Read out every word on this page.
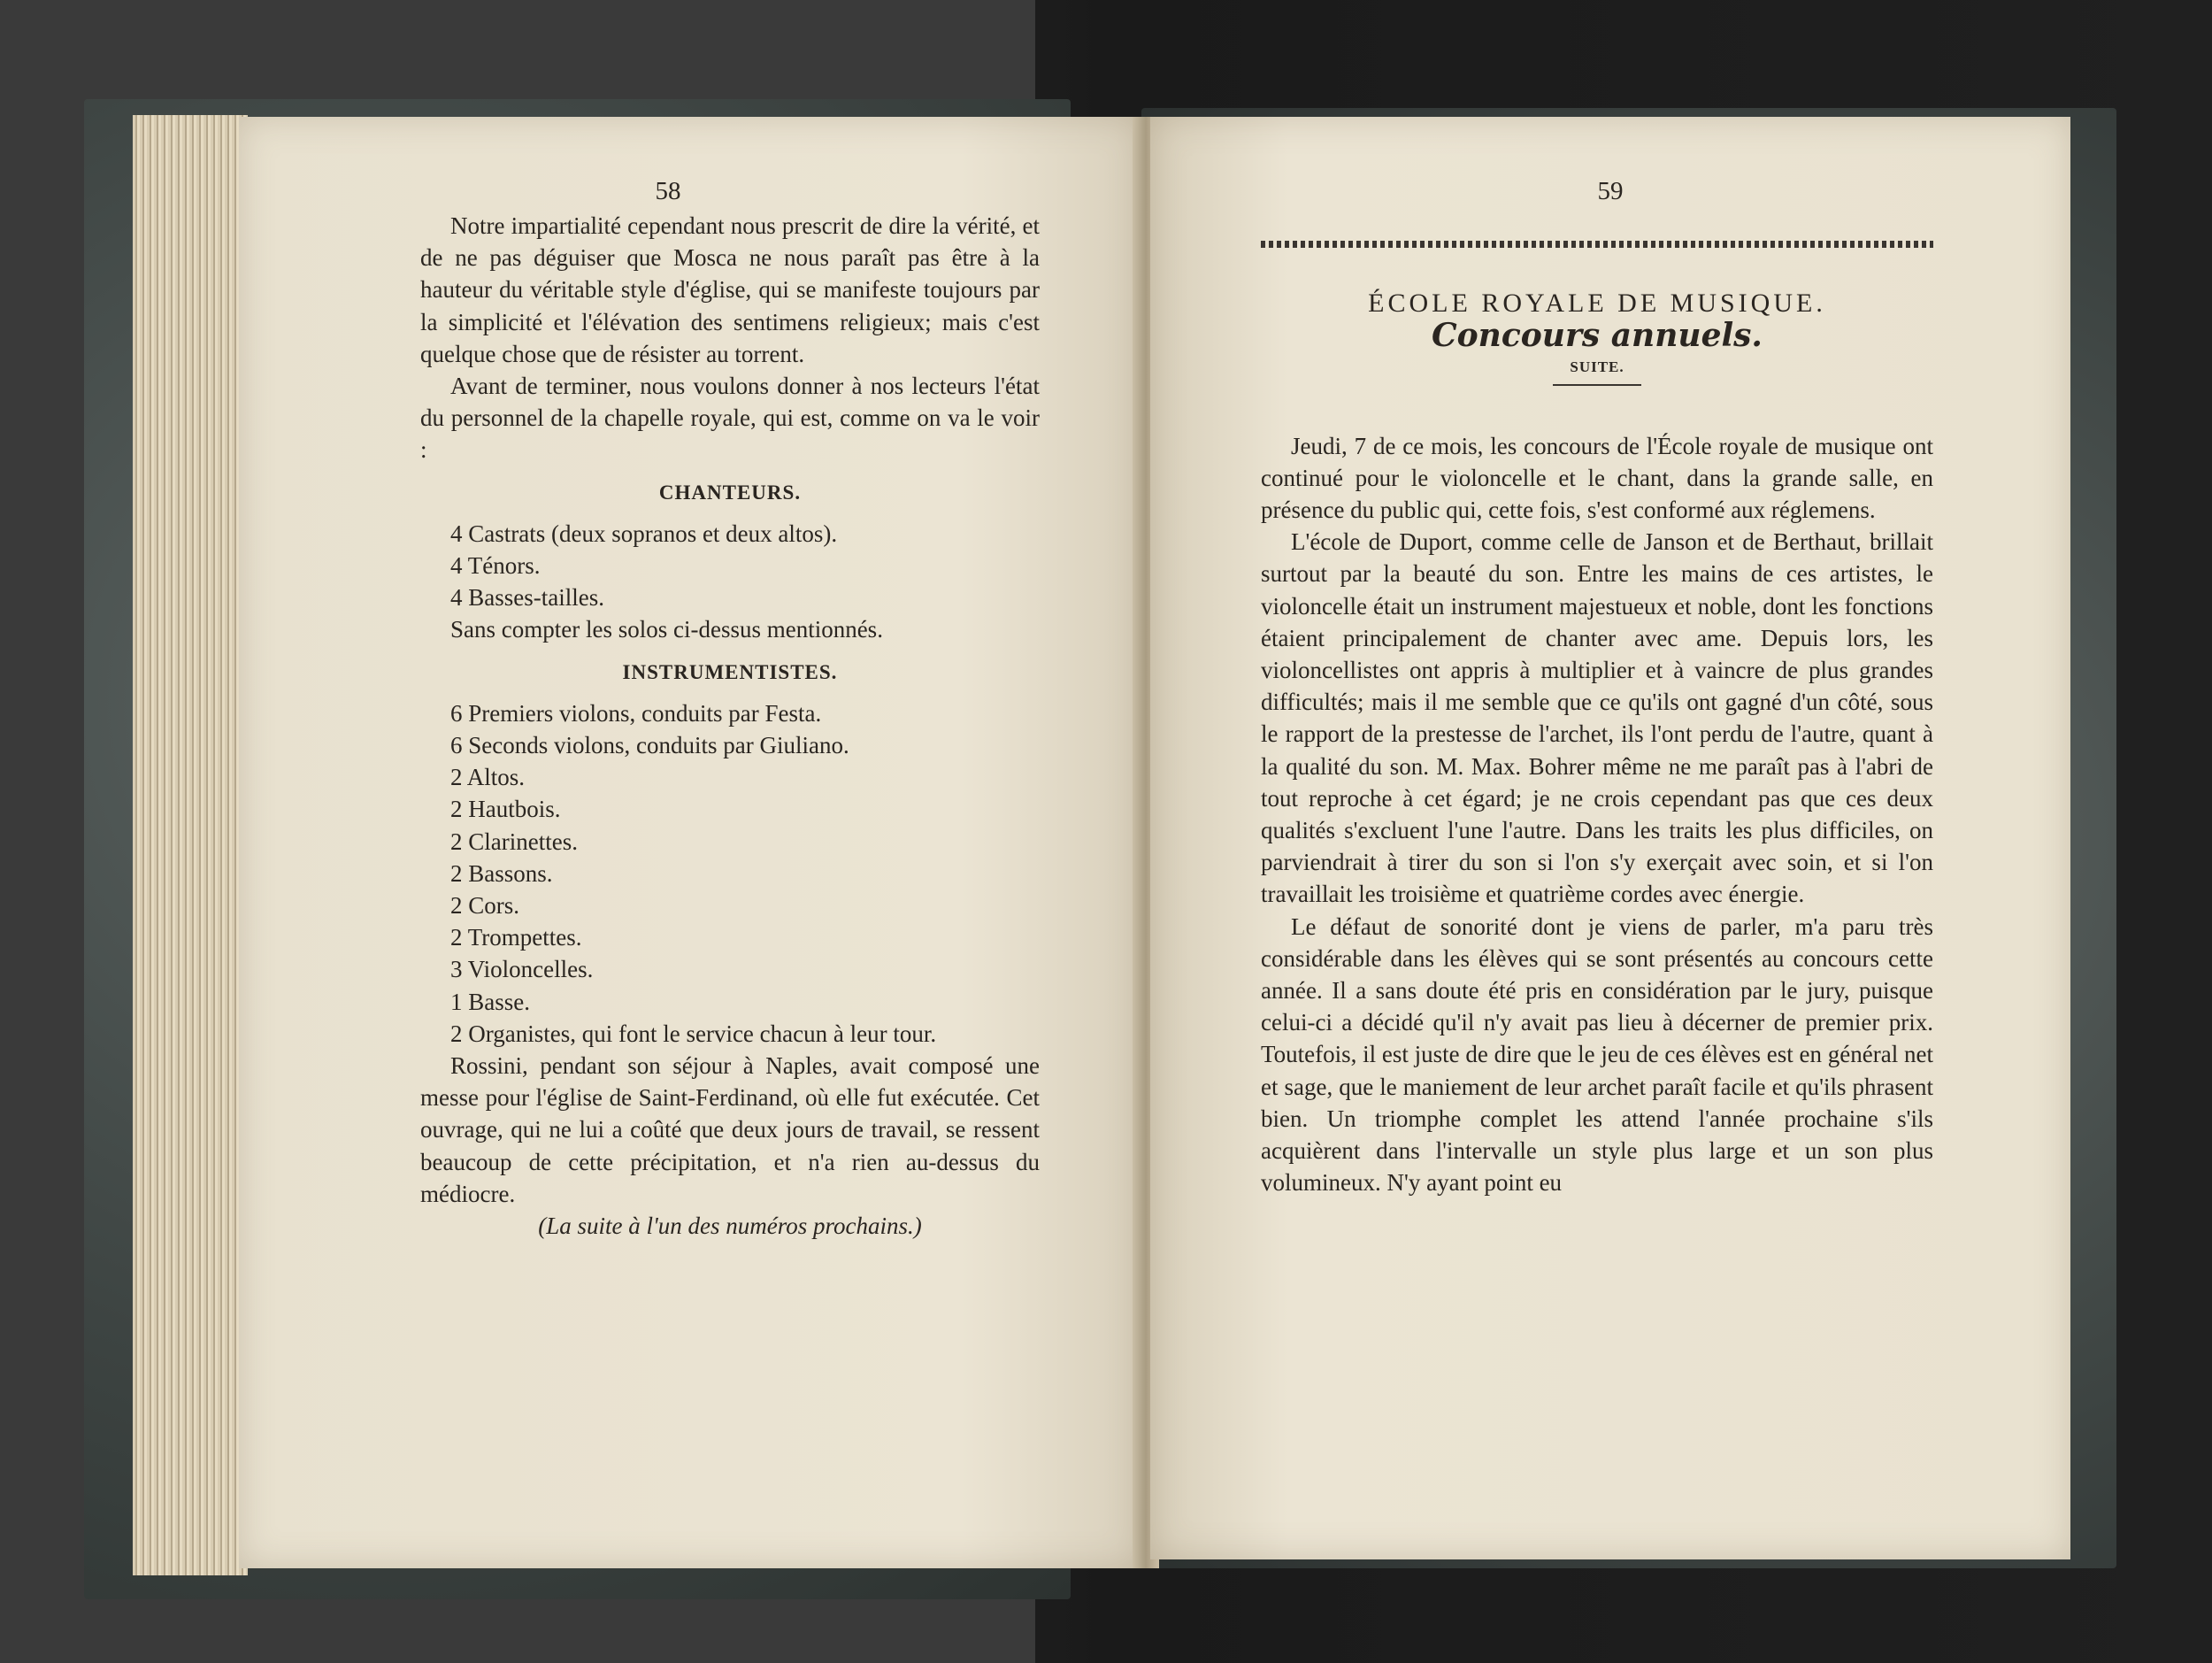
58

Notre impartialité cependant nous prescrit de dire la vérité, et de ne pas déguiser que Mosca ne nous paraît pas être à la hauteur du véritable style d'église, qui se manifeste toujours par la simplicité et l'élévation des sentimens religieux; mais c'est quelque chose que de résister au torrent.

Avant de terminer, nous voulons donner à nos lecteurs l'état du personnel de la chapelle royale, qui est, comme on va le voir :

CHANTEURS.

4 Castrats (deux sopranos et deux altos).

4 Ténors.

4 Basses-tailles.

Sans compter les solos ci-dessus mentionnés.

INSTRUMENTISTES.

6 Premiers violons, conduits par Festa.

6 Seconds violons, conduits par Giuliano.

2 Altos.

2 Hautbois.

2 Clarinettes.

2 Bassons.

2 Cors.

2 Trompettes.

3 Violoncelles.

1 Basse.

2 Organistes, qui font le service chacun à leur tour.

Rossini, pendant son séjour à Naples, avait composé une messe pour l'église de Saint-Ferdinand, où elle fut exécutée. Cet ouvrage, qui ne lui a coûté que deux jours de travail, se ressent beaucoup de cette précipitation, et n'a rien au-dessus du médiocre.

(La suite à l'un des numéros prochains.)

59

ÉCOLE ROYALE DE MUSIQUE.

Concours annuels.

SUITE.

Jeudi, 7 de ce mois, les concours de l'École royale de musique ont continué pour le violoncelle et le chant, dans la grande salle, en présence du public qui, cette fois, s'est conformé aux réglemens.

L'école de Duport, comme celle de Janson et de Berthaut, brillait surtout par la beauté du son. Entre les mains de ces artistes, le violoncelle était un instrument majestueux et noble, dont les fonctions étaient principalement de chanter avec ame. Depuis lors, les violoncellistes ont appris à multiplier et à vaincre de plus grandes difficultés; mais il me semble que ce qu'ils ont gagné d'un côté, sous le rapport de la prestesse de l'archet, ils l'ont perdu de l'autre, quant à la qualité du son. M. Max. Bohrer même ne me paraît pas à l'abri de tout reproche à cet égard; je ne crois cependant pas que ces deux qualités s'excluent l'une l'autre. Dans les traits les plus difficiles, on parviendrait à tirer du son si l'on s'y exerçait avec soin, et si l'on travaillait les troisième et quatrième cordes avec énergie.

Le défaut de sonorité dont je viens de parler, m'a paru très considérable dans les élèves qui se sont présentés au concours cette année. Il a sans doute été pris en considération par le jury, puisque celui-ci a décidé qu'il n'y avait pas lieu à décerner de premier prix. Toutefois, il est juste de dire que le jeu de ces élèves est en général net et sage, que le maniement de leur archet paraît facile et qu'ils phrasent bien. Un triomphe complet les attend l'année prochaine s'ils acquièrent dans l'intervalle un style plus large et un son plus volumineux. N'y ayant point eu
